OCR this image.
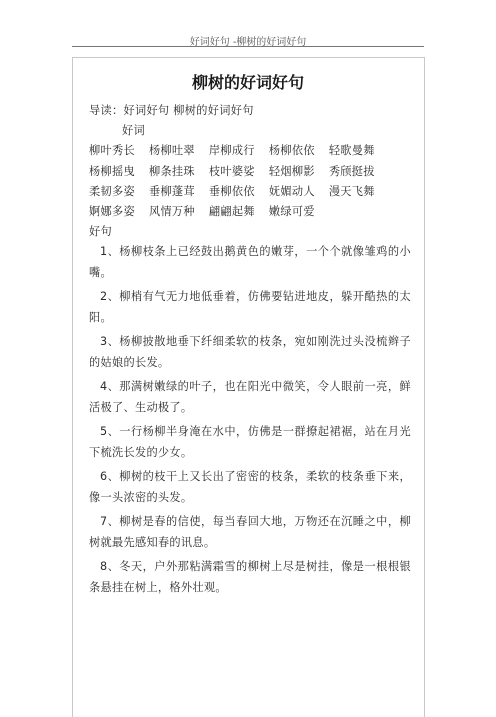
好词好句 -柳树的好词好句
柳树的好词好句
导读：好词好句 柳树的好词好句
好词
柳叶秀长 杨柳吐翠 岸柳成行 杨柳依依 轻歌曼舞
杨柳摇曳 柳条挂珠 枝叶婆娑 轻烟柳影 秀颀挺拔
柔韧多姿 垂柳蓬茸 垂柳依依 妩媚动人 漫天飞舞
婀娜多姿 风情万种 翩翩起舞 嫩绿可爱
好句
1、杨柳枝条上已经鼓出鹅黄色的嫩芽，一个个就像雏鸡的小嘴。
2、柳梢有气无力地低垂着，仿佛要钻进地皮，躲开酷热的太阳。
3、杨柳披散地垂下纤细柔软的枝条，宛如刚洗过头没梳辫子的姑娘的长发。
4、那满树嫩绿的叶子，也在阳光中微笑，令人眼前一亮，鲜活极了、生动极了。
5、一行杨柳半身淹在水中，仿佛是一群撩起裙裾，站在月光下梳洗长发的少女。
6、柳树的枝干上又长出了密密的枝条，柔软的枝条垂下来，像一头浓密的头发。
7、柳树是春的信使，每当春回大地，万物还在沉睡之中，柳树就最先感知春的讯息。
8、冬天，户外那粘满霜雪的柳树上尽是树挂，像是一根根银条悬挂在树上，格外壮观。
